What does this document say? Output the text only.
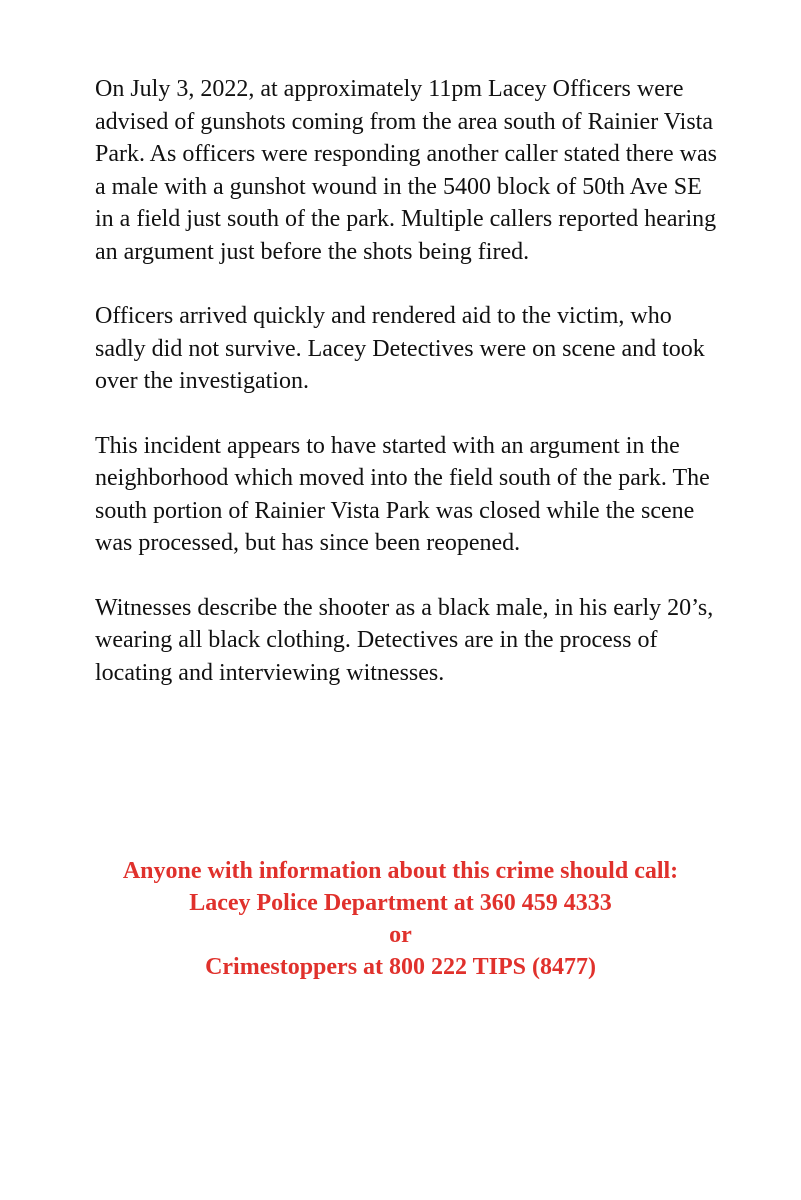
On July 3, 2022, at approximately 11pm Lacey Officers were advised of gunshots coming from the area south of Rainier Vista Park. As officers were responding another caller stated there was a male with a gunshot wound in the 5400 block of 50th Ave SE in a field just south of the park. Multiple callers reported hearing an argument just before the shots being fired.

Officers arrived quickly and rendered aid to the victim, who sadly did not survive. Lacey Detectives were on scene and took over the investigation.

This incident appears to have started with an argument in the neighborhood which moved into the field south of the park. The south portion of Rainier Vista Park was closed while the scene was processed, but has since been reopened.

Witnesses describe the shooter as a black male, in his early 20’s, wearing all black clothing. Detectives are in the process of locating and interviewing witnesses.

Anyone with information about this crime should call:
Lacey Police Department at 360 459 4333
or
Crimestoppers at 800 222 TIPS (8477)
